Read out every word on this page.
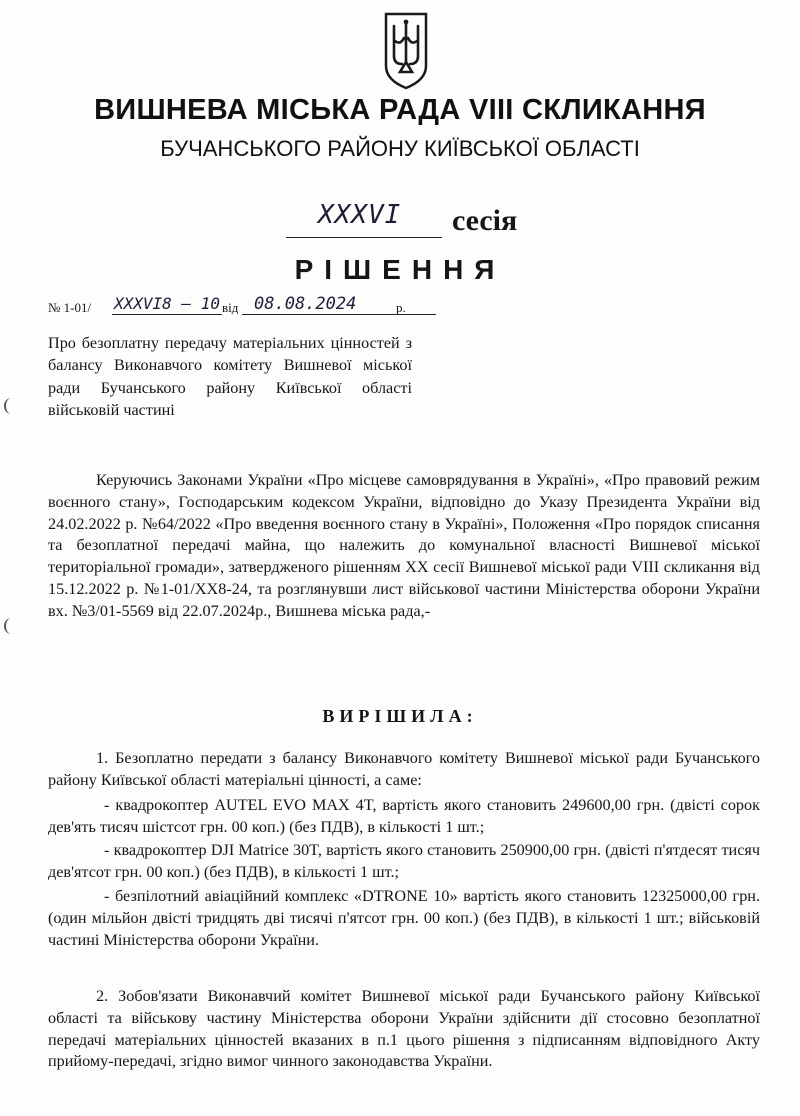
ВИШНЕВА МІСЬКА РАДА VIII СКЛИКАННЯ
БУЧАНСЬКОГО РАЙОНУ КИЇВСЬКОЇ ОБЛАСТІ
XXXVI сесія
РІШЕННЯ
№ 1-01/ XXXVI8 – 10 від 08.08.2024	р.
Про безоплатну передачу матеріальних цінностей з балансу Виконавчого комітету Вишневої міської ради Бучанського району Київської області військовій частині
Керуючись Законами України «Про місцеве самоврядування в Україні», «Про правовий режим воєнного стану», Господарським кодексом України, відповідно до Указу Президента України від 24.02.2022 р. №64/2022 «Про введення воєнного стану в Україні», Положення «Про порядок списання та безоплатної передачі майна, що належить до комунальної власності Вишневої міської територіальної громади», затвердженого рішенням XX сесії Вишневої міської ради VIII скликання від 15.12.2022 р. №1-01/XX8-24, та розглянувши лист військової частини Міністерства оборони України вх. №3/01-5569 від 22.07.2024р., Вишнева міська рада,-
ВИРІШИЛА:
1. Безоплатно передати з балансу Виконавчого комітету Вишневої міської ради Бучанського району Київської області матеріальні цінності, а саме:
- квадрокоптер AUTEL EVO MAX 4T, вартість якого становить 249600,00 грн. (двісті сорок дев'ять тисяч шістсот грн. 00 коп.) (без ПДВ), в кількості 1 шт.;
- квадрокоптер DJI Matrice 30T, вартість якого становить 250900,00 грн. (двісті п'ятдесят тисяч дев'ятсот грн. 00 коп.) (без ПДВ), в кількості 1 шт.;
- безпілотний авіаційний комплекс «DTRONE 10» вартість якого становить 12325000,00 грн. (один мільйон двісті тридцять дві тисячі п'ятсот грн. 00 коп.) (без ПДВ), в кількості 1 шт.; військовій частині Міністерства оборони України.
2. Зобов'язати Виконавчий комітет Вишневої міської ради Бучанського району Київської області та військову частину Міністерства оборони України здійснити дії стосовно безоплатної передачі матеріальних цінностей вказаних в п.1 цього рішення з підписанням відповідного Акту прийому-передачі, згідно вимог чинного законодавства України.
